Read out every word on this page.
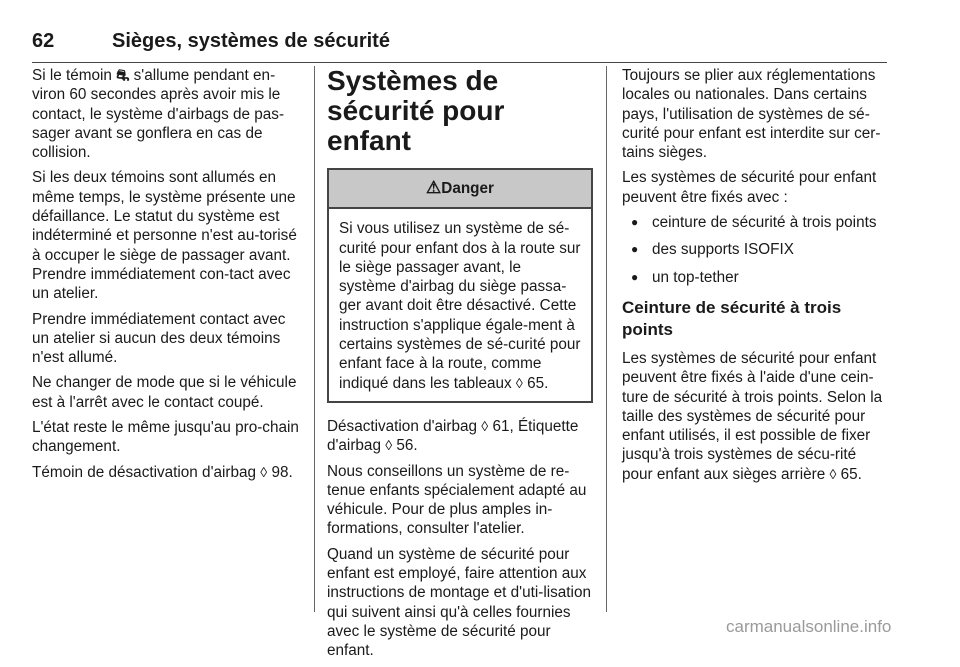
62	Sièges, systèmes de sécurité

Si le témoin ⛐ s'allume pendant en-viron 60 secondes après avoir mis le contact, le système d'airbags de pas-sager avant se gonflera en cas de collision.

Si les deux témoins sont allumés en même temps, le système présente une défaillance. Le statut du système est indéterminé et personne n'est au-torisé à occuper le siège de passager avant. Prendre immédiatement con-tact avec un atelier.

Prendre immédiatement contact avec un atelier si aucun des deux témoins n'est allumé.

Ne changer de mode que si le véhicule est à l'arrêt avec le contact coupé.

L'état reste le même jusqu'au pro-chain changement.

Témoin de désactivation d'airbag ◊ 98.

Systèmes de sécurité pour enfant
⚠Danger

Si vous utilisez un système de sé-curité pour enfant dos à la route sur le siège passager avant, le système d'airbag du siège passa-ger avant doit être désactivé. Cette instruction s'applique égale-ment à certains systèmes de sé-curité pour enfant face à la route, comme indiqué dans les tableaux ◊ 65.

Désactivation d'airbag ◊ 61, Étiquette d'airbag ◊ 56.

Nous conseillons un système de re-tenue enfants spécialement adapté au véhicule. Pour de plus amples in-formations, consulter l'atelier.

Quand un système de sécurité pour enfant est employé, faire attention aux instructions de montage et d'uti-lisation qui suivent ainsi qu'à celles fournies avec le système de sécurité pour enfant.

Toujours se plier aux réglementations locales ou nationales. Dans certains pays, l'utilisation de systèmes de sé-curité pour enfant est interdite sur cer-tains sièges.

Les systèmes de sécurité pour enfant peuvent être fixés avec :

● ceinture de sécurité à trois points
● des supports ISOFIX
● un top-tether
Ceinture de sécurité à trois points

Les systèmes de sécurité pour enfant peuvent être fixés à l'aide d'une cein-ture de sécurité à trois points. Selon la taille des systèmes de sécurité pour enfant utilisés, il est possible de fixer jusqu'à trois systèmes de sécu-rité pour enfant aux sièges arrière ◊ 65.

carmanualsonline.info
